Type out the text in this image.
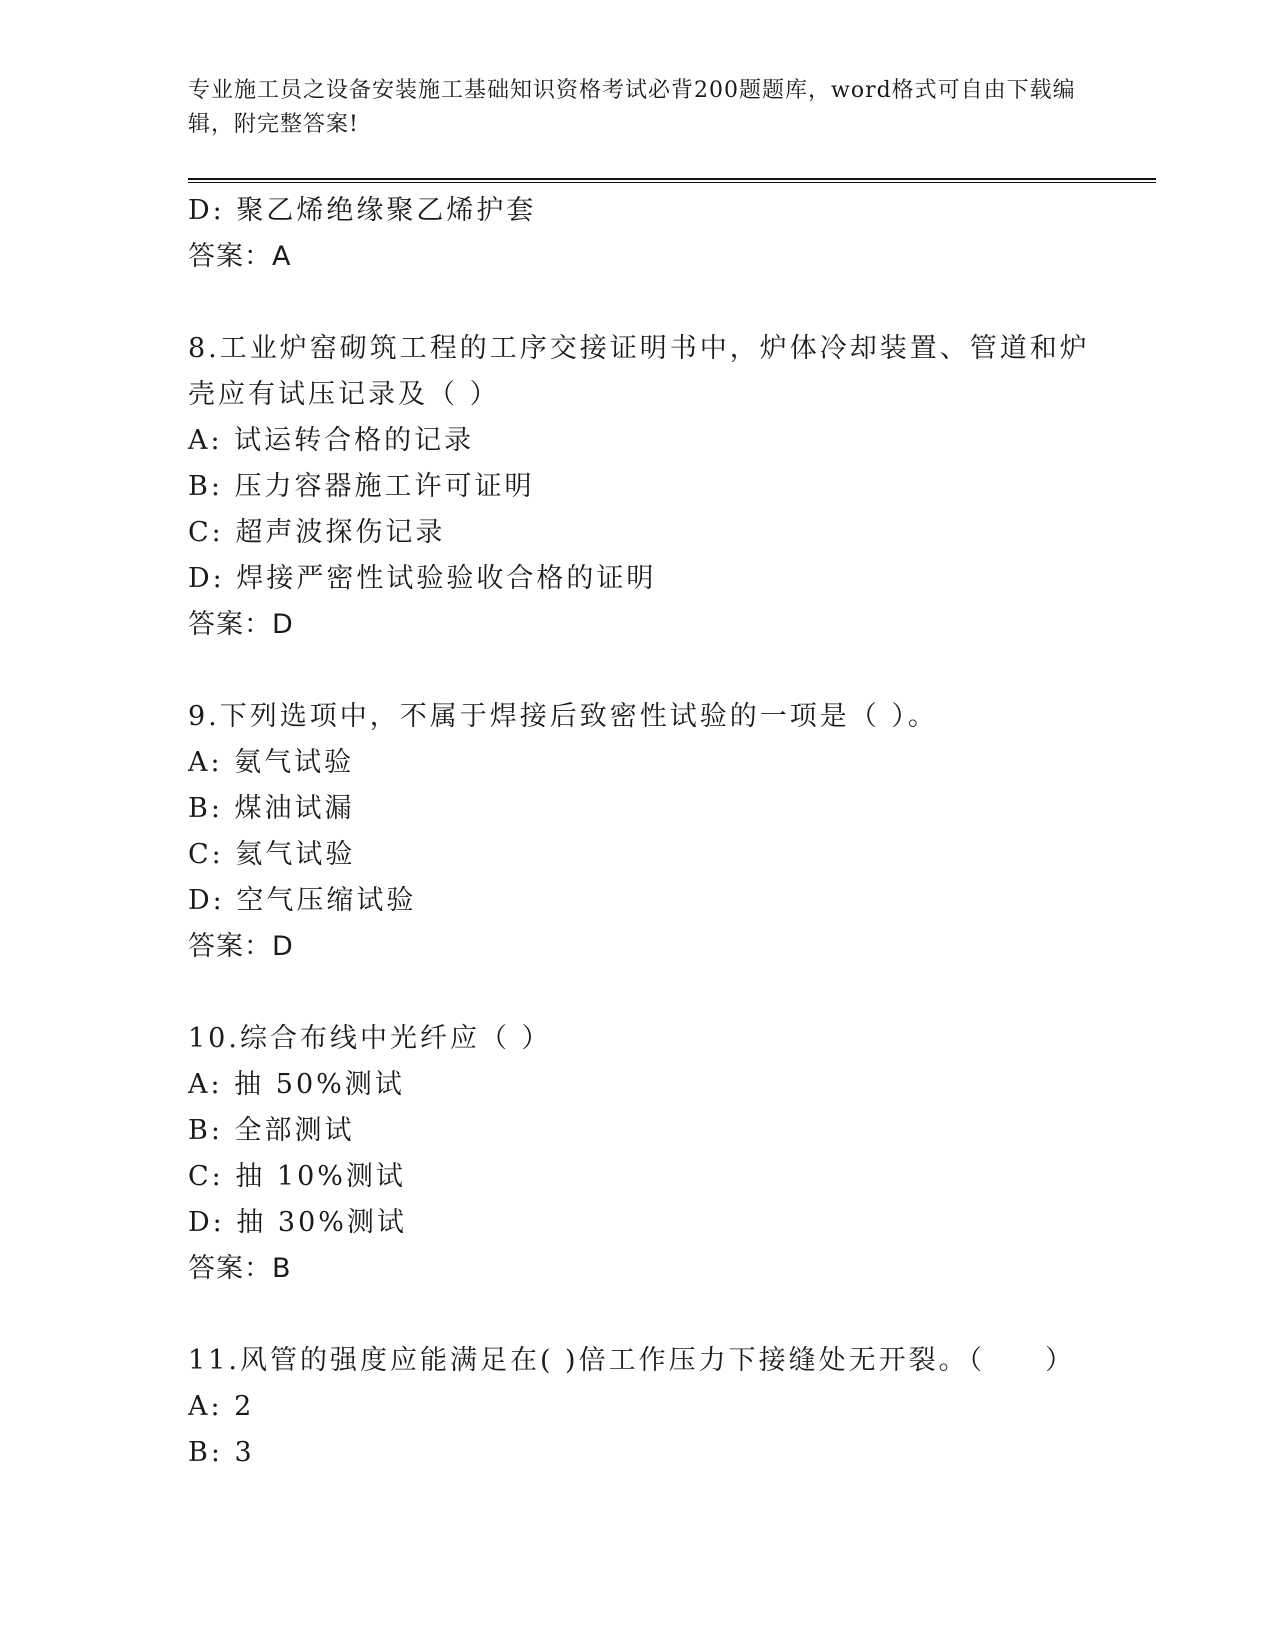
专业施工员之设备安装施工基础知识资格考试必背200题题库，word格式可自由下载编辑，附完整答案!
D: 聚乙烯绝缘聚乙烯护套
答案：A
8.工业炉窑砌筑工程的工序交接证明书中，炉体冷却装置、管道和炉
壳应有试压记录及（ ）
A: 试运转合格的记录
B: 压力容器施工许可证明
C: 超声波探伤记录
D: 焊接严密性试验验收合格的证明
答案：D
9.下列选项中，不属于焊接后致密性试验的一项是（ ）。
A: 氨气试验
B: 煤油试漏
C: 氦气试验
D: 空气压缩试验
答案：D
10.综合布线中光纤应（ ）
A: 抽 50%测试
B: 全部测试
C: 抽 10%测试
D: 抽 30%测试
答案：B
11.风管的强度应能满足在( )倍工作压力下接缝处无开裂。（　　）
A: 2
B: 3
